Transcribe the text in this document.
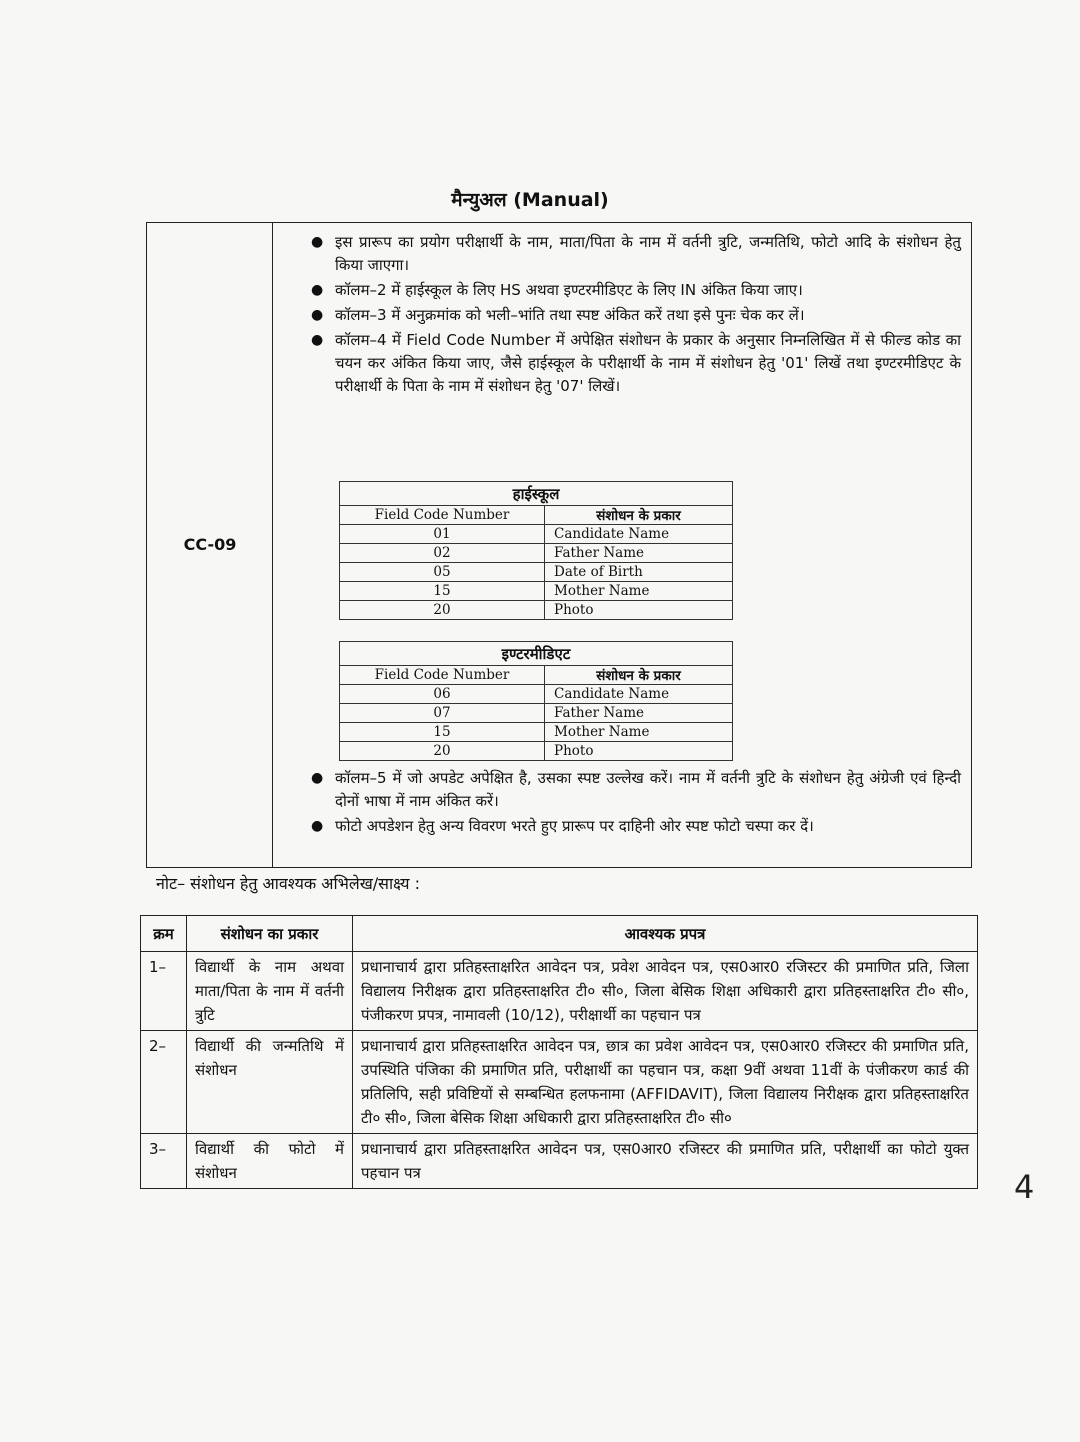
मैन्युअल (Manual)
CC-09
● इस प्रारूप का प्रयोग परीक्षार्थी के नाम, माता/पिता के नाम में वर्तनी त्रुटि, जन्मतिथि, फोटो आदि के संशोधन हेतु किया जाएगा।
● कॉलम–2 में हाईस्कूल के लिए HS अथवा इण्टरमीडिएट के लिए IN अंकित किया जाए।
● कॉलम–3 में अनुक्रमांक को भली–भांति तथा स्पष्ट अंकित करें तथा इसे पुनः चेक कर लें।
● कॉलम–4 में Field Code Number में अपेक्षित संशोधन के प्रकार के अनुसार निम्नलिखित में से फील्ड कोड का चयन कर अंकित किया जाए, जैसे हाईस्कूल के परीक्षार्थी के नाम में संशोधन हेतु '01' लिखें तथा इण्टरमीडिएट के परीक्षार्थी के पिता के नाम में संशोधन हेतु '07' लिखें।
हाईस्कूल	
Field Code Number	संशोधन के प्रकार
01	Candidate Name
02	Father Name
05	Date of Birth
15	Mother Name
20	Photo
इण्टरमीडिएट	
Field Code Number	संशोधन के प्रकार
06	Candidate Name
07	Father Name
15	Mother Name
20	Photo
● कॉलम–5 में जो अपडेट अपेक्षित है, उसका स्पष्ट उल्लेख करें। नाम में वर्तनी त्रुटि के संशोधन हेतु अंग्रेजी एवं हिन्दी दोनों भाषा में नाम अंकित करें।
● फोटो अपडेशन हेतु अन्य विवरण भरते हुए प्रारूप पर दाहिनी ओर स्पष्ट फोटो चस्पा कर दें।
नोट– संशोधन हेतु आवश्यक अभिलेख/साक्ष्य :
क्रम	संशोधन का प्रकार	आवश्यक प्रपत्र
1–	विद्यार्थी के नाम अथवा माता/पिता के नाम में वर्तनी त्रुटि	प्रधानाचार्य द्वारा प्रतिहस्ताक्षरित आवेदन पत्र, प्रवेश आवेदन पत्र, एस0आर0 रजिस्टर की प्रमाणित प्रति, जिला विद्यालय निरीक्षक द्वारा प्रतिहस्ताक्षरित टी० सी०, जिला बेसिक शिक्षा अधिकारी द्वारा प्रतिहस्ताक्षरित टी० सी०, पंजीकरण प्रपत्र, नामावली (10/12), परीक्षार्थी का पहचान पत्र
2–	विद्यार्थी की जन्मतिथि में संशोधन	प्रधानाचार्य द्वारा प्रतिहस्ताक्षरित आवेदन पत्र, छात्र का प्रवेश आवेदन पत्र, एस0आर0 रजिस्टर की प्रमाणित प्रति, उपस्थिति पंजिका की प्रमाणित प्रति, परीक्षार्थी का पहचान पत्र, कक्षा 9वीं अथवा 11वीं के पंजीकरण कार्ड की प्रतिलिपि, सही प्रविष्टियों से सम्बन्धित हलफनामा (AFFIDAVIT), जिला विद्यालय निरीक्षक द्वारा प्रतिहस्ताक्षरित टी० सी०, जिला बेसिक शिक्षा अधिकारी द्वारा प्रतिहस्ताक्षरित टी० सी०
3–	विद्यार्थी की फोटो में संशोधन	प्रधानाचार्य द्वारा प्रतिहस्ताक्षरित आवेदन पत्र, एस0आर0 रजिस्टर की प्रमाणित प्रति, परीक्षार्थी का फोटो युक्त पहचान पत्र	4
